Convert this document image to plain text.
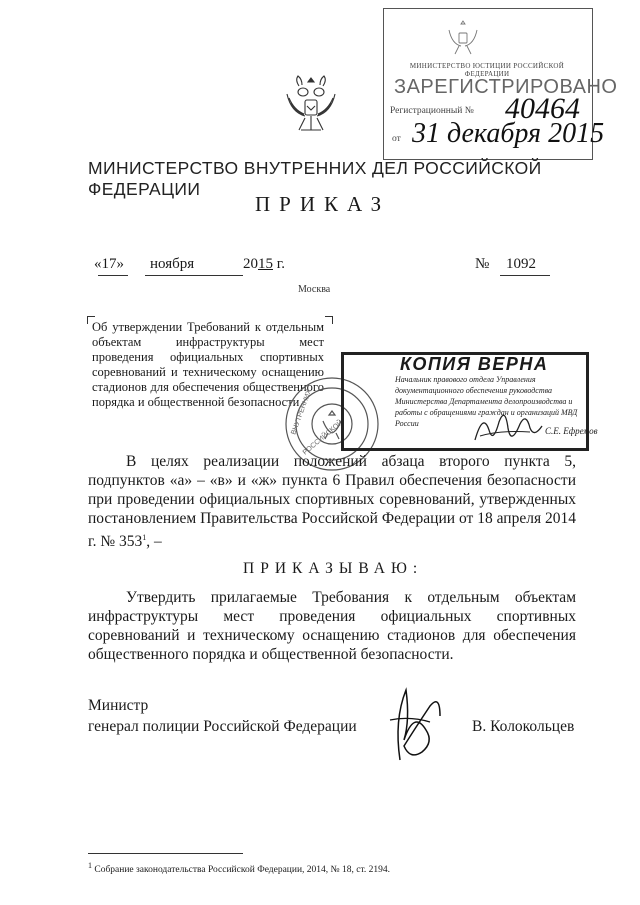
МИНИСТЕРСТВО ЮСТИЦИИ РОССИЙСКОЙ ФЕДЕРАЦИИ
ЗАРЕГИСТРИРОВАНО
Регистрационный № 40464
от 31 декабря 2015
МИНИСТЕРСТВО ВНУТРЕННИХ ДЕЛ РОССИЙСКОЙ ФЕДЕРАЦИИ
ПРИКАЗ
«17» ноября	2015 г.	№ 1092
Москва
Об утверждении Требований к отдельным объектам инфраструктуры мест проведения официальных спортивных соревнований и техническому оснащению стадионов для обеспечения общественного порядка и общественной безопасности
ВНУТРЕННИХ
РОССИЙСКОЙ
КОПИЯ ВЕРНА
Начальник правового отдела Управления документационного обеспечения руководства Министерства Департамента делопроизводства и работы с обращениями граждан и организаций МВД России
С.Е. Ефремов
В целях реализации положений абзаца второго пункта 5, подпунктов «а» – «в» и «ж» пункта 6 Правил обеспечения безопасности при проведении официальных спортивных соревнований, утвержденных постановлением Правительства Российской Федерации от 18 апреля 2014 г. № $353^1$, –
ПРИКАЗЫВАЮ:
Утвердить прилагаемые Требования к отдельным объектам инфраструктуры мест проведения официальных спортивных соревнований и техническому оснащению стадионов для обеспечения общественного порядка и общественной безопасности.
Министр
генерал полиции Российской Федерации	В. Колокольцев
$^1$ Собрание законодательства Российской Федерации, 2014, № 18, ст. 2194.
